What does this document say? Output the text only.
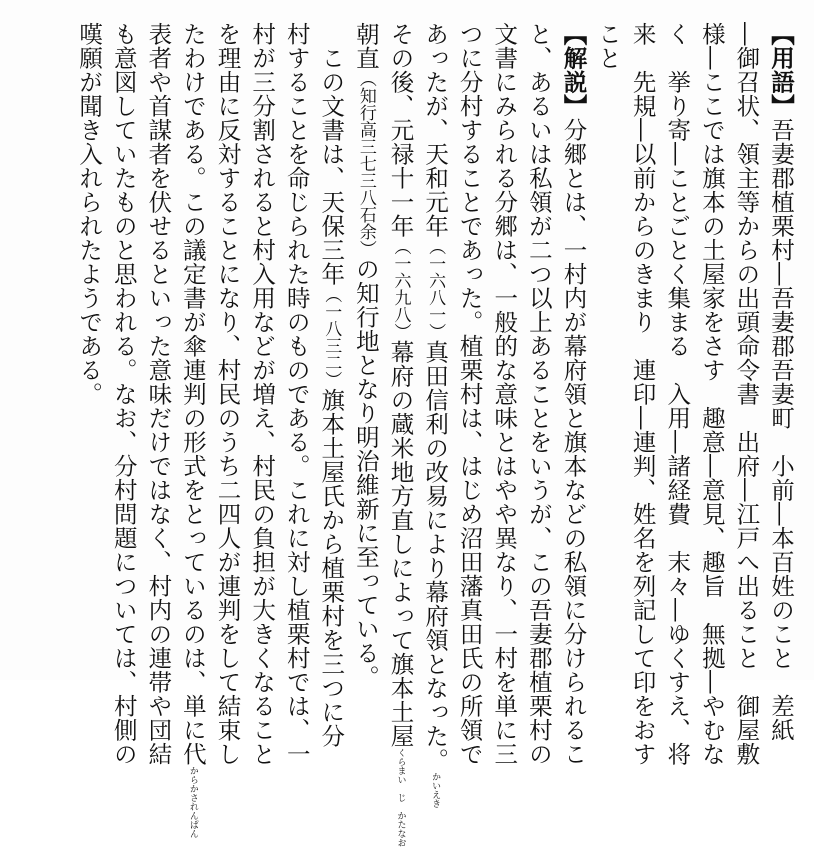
【用語】吾妻郡植栗村―吾妻郡吾妻町　小前―本百姓のこと　差紙
―御召状、領主等からの出頭命令書　出府―江戸へ出ること　御屋敷
様―ここでは旗本の土屋家をさす　趣意―意見、趣旨　無拠―やむな
く　挙り寄―ことごとく集まる　入用―諸経費　末々―ゆくすえ、将
来　先規―以前からのきまり　連印―連判、姓名を列記して印をおす
こと
【解説】分郷とは、一村内が幕府領と旗本などの私領に分けられるこ
と、あるいは私領が二つ以上あることをいうが、この吾妻郡植栗村の
文書にみられる分郷は、一般的な意味とはやや異なり、一村を単に三
つに分村することであった。植栗村は、はじめ沼田藩真田氏の所領で
あったが、天和元年（一六八一）真田信利の改易により幕府領となった。かいえき
その後、元禄十一年（一六九八）幕府の蔵米地方直しによって旗本土屋くらまい　じ　かたなお
朝直（知行高三七三八石余）の知行地となり明治維新に至っている。
　この文書は、天保三年（一八三二）旗本土屋氏から植栗村を三つに分
村することを命じられた時のものである。これに対し植栗村では、一
村が三分割されると村入用などが増え、村民の負担が大きくなること
を理由に反対することになり、村民のうち二四人が連判をして結束し
たわけである。この議定書が傘連判の形式をとっているのは、単に代からかされんぱん
表者や首謀者を伏せるといった意味だけではなく、村内の連帯や団結
も意図していたものと思われる。なお、分村問題については、村側の
嘆願が聞き入れられたようである。
